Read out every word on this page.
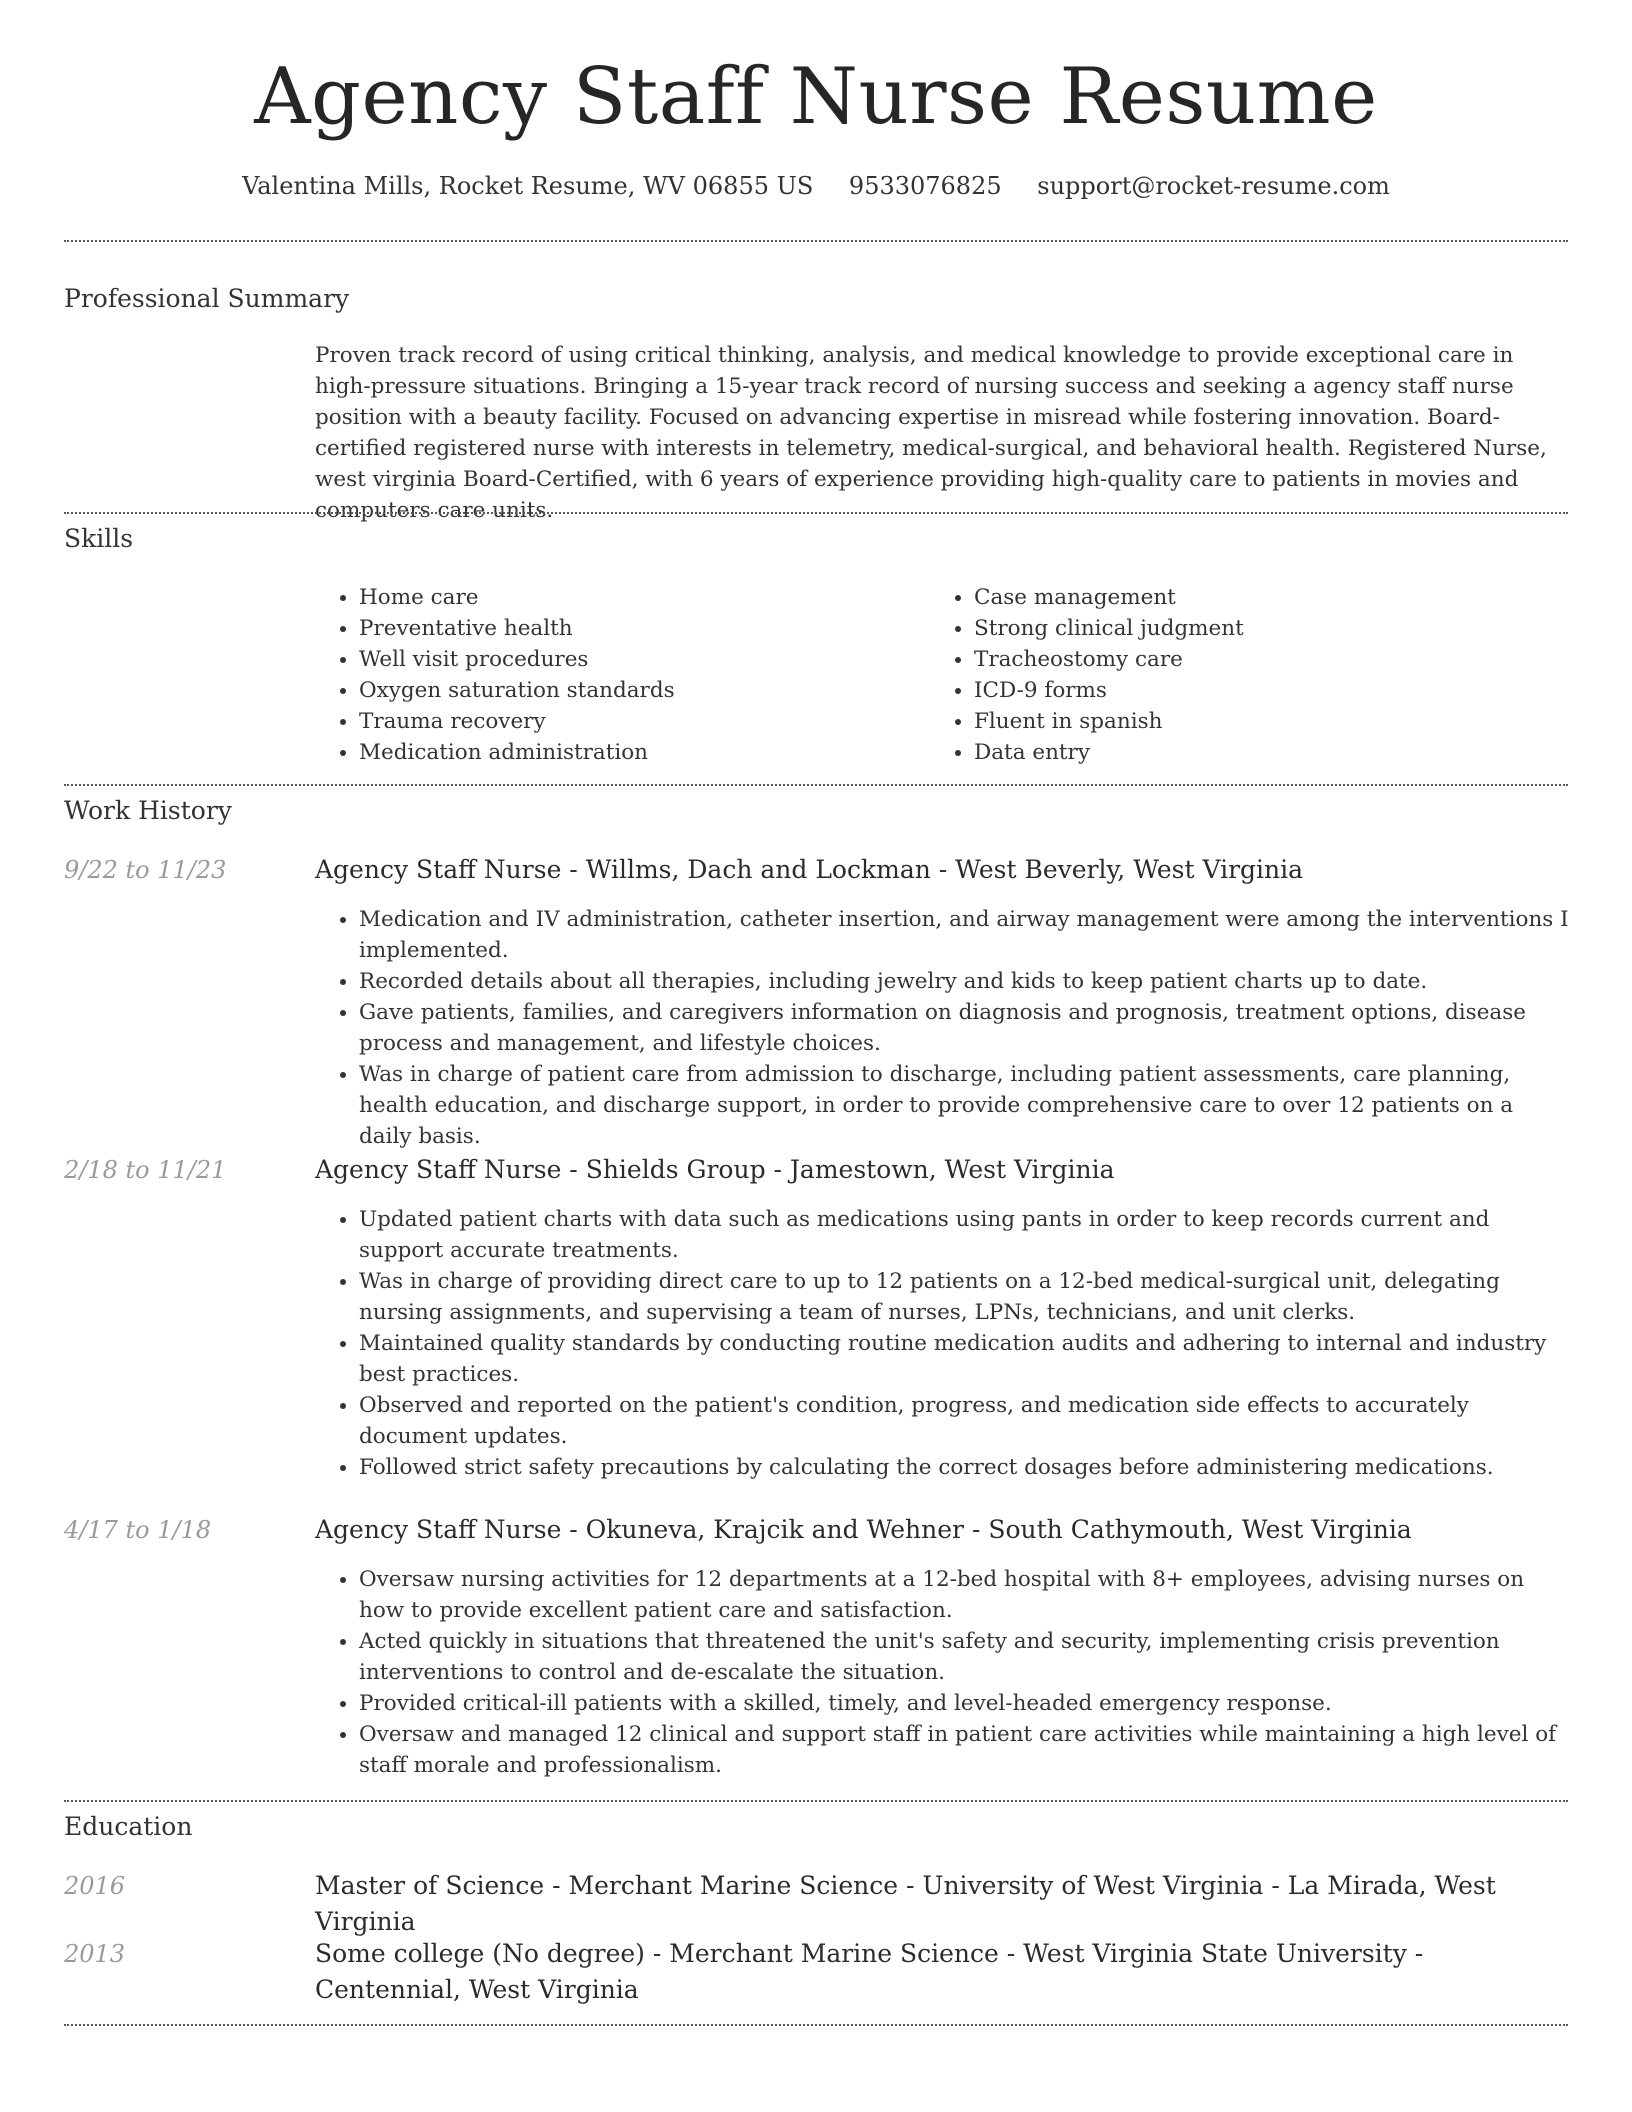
Agency Staff Nurse Resume
Valentina Mills, Rocket Resume, WV 06855 US 9533076825 support@rocket-resume.com
Professional Summary

Proven track record of using critical thinking, analysis, and medical knowledge to provide exceptional care in high-pressure situations. Bringing a 15-year track record of nursing success and seeking a agency staff nurse position with a beauty facility. Focused on advancing expertise in misread while fostering innovation. Board-certified registered nurse with interests in telemetry, medical-surgical, and behavioral health. Registered Nurse, west virginia Board-Certified, with 6 years of experience providing high-quality care to patients in movies and computers care units.

Skills
• Home care
• Preventative health
• Well visit procedures
• Oxygen saturation standards
• Trauma recovery
• Medication administration
• Case management
• Strong clinical judgment
• Tracheostomy care
• ICD-9 forms
• Fluent in spanish
• Data entry
Work History
9/22 to 11/23	Agency Staff Nurse - Willms, Dach and Lockman - West Beverly, West Virginia
• Medication and IV administration, catheter insertion, and airway management were among the interventions I implemented.
• Recorded details about all therapies, including jewelry and kids to keep patient charts up to date.
• Gave patients, families, and caregivers information on diagnosis and prognosis, treatment options, disease process and management, and lifestyle choices.
• Was in charge of patient care from admission to discharge, including patient assessments, care planning, health education, and discharge support, in order to provide comprehensive care to over 12 patients on a daily basis.
2/18 to 11/21	Agency Staff Nurse - Shields Group - Jamestown, West Virginia
• Updated patient charts with data such as medications using pants in order to keep records current and support accurate treatments.
• Was in charge of providing direct care to up to 12 patients on a 12-bed medical-surgical unit, delegating nursing assignments, and supervising a team of nurses, LPNs, technicians, and unit clerks.
• Maintained quality standards by conducting routine medication audits and adhering to internal and industry best practices.
• Observed and reported on the patient's condition, progress, and medication side effects to accurately document updates.
• Followed strict safety precautions by calculating the correct dosages before administering medications.
4/17 to 1/18	Agency Staff Nurse - Okuneva, Krajcik and Wehner - South Cathymouth, West Virginia
• Oversaw nursing activities for 12 departments at a 12-bed hospital with 8+ employees, advising nurses on how to provide excellent patient care and satisfaction.
• Acted quickly in situations that threatened the unit's safety and security, implementing crisis prevention interventions to control and de-escalate the situation.
• Provided critical-ill patients with a skilled, timely, and level-headed emergency response.
• Oversaw and managed 12 clinical and support staff in patient care activities while maintaining a high level of staff morale and professionalism.
Education
2016	Master of Science - Merchant Marine Science - University of West Virginia - La Mirada, West Virginia
2013	Some college (No degree) - Merchant Marine Science - West Virginia State University - Centennial, West Virginia
